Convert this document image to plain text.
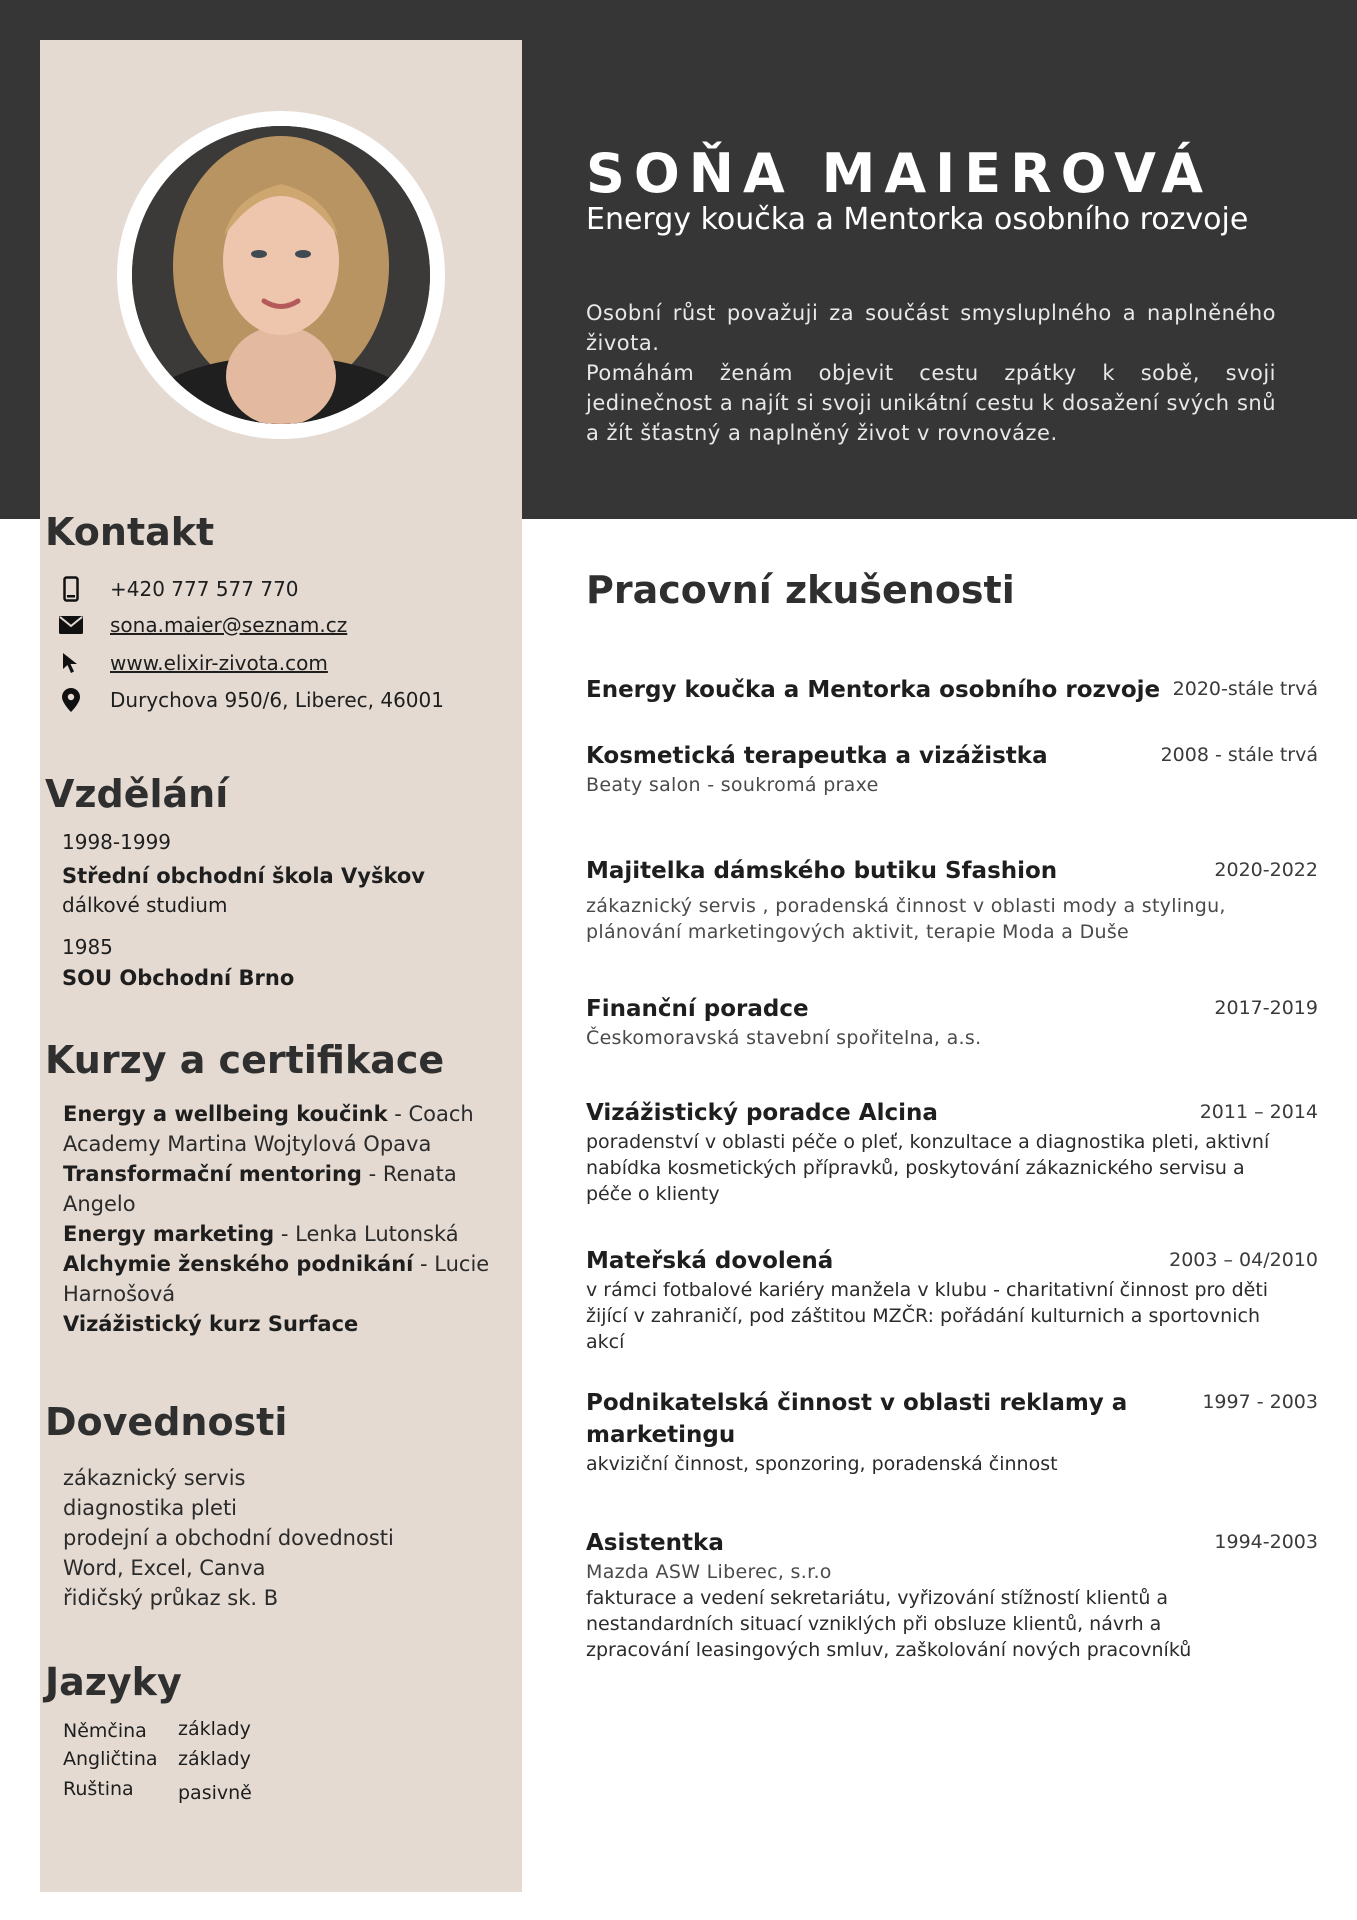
SOŇA MAIEROVÁ
Energy koučka a Mentorka osobního rozvoje

Osobní růst považuji za součást smysluplného a naplněného života.

Pomáhám ženám objevit cestu zpátky k sobě, svoji jedinečnost a najít si svoji unikátní cestu k dosažení svých snů a žít šťastný a naplněný život v rovnováze.

Kontakt
+420 777 577 770
sona.maier@seznam.cz
www.elixir-zivota.com
Durychova 950/6, Liberec, 46001
Vzdělání
1998-1999
Střední obchodní škola Vyškov
dálkové studium
1985
SOU Obchodní Brno
Kurzy a certifikace
Energy a wellbeing koučink - Coach Academy Martina Wojtylová Opava
Transformační mentoring - Renata Angelo
Energy marketing - Lenka Lutonská
Alchymie ženského podnikání - Lucie Harnošová
Vizážistický kurz Surface
Dovednosti
zákaznický servis
diagnostika pleti
prodejní a obchodní dovednosti
Word, Excel, Canva
řidičský průkaz sk. B
Jazyky
Němčina základy
Angličtina základy
Ruština pasivně
Pracovní zkušenosti
Energy koučka a Mentorka osobního rozvoje 2020-stále trvá
Kosmetická terapeutka a vizážistka	2008 - stále trvá
Beaty salon - soukromá praxe
Majitelka dámského butiku Sfashion	2020-2022
zákaznický servis , poradenská činnost v oblasti mody a stylingu, plánování marketingových aktivit, terapie Moda a Duše
Finanční poradce	2017-2019
Českomoravská stavební spořitelna, a.s.
Vizážistický poradce Alcina	2011 – 2014
poradenství v oblasti péče o pleť, konzultace a diagnostika pleti, aktivní nabídka kosmetických přípravků, poskytování zákaznického servisu a péče o klienty
Mateřská dovolená	2003 – 04/2010
v rámci fotbalové kariéry manžela v klubu - charitativní činnost pro děti žijící v zahraničí, pod záštitou MZČR: pořádání kulturnich a sportovnich akcí
Podnikatelská činnost v oblasti reklamy a marketingu
1997 - 2003
akviziční činnost, sponzoring, poradenská činnost
Asistentka	1994-2003
Mazda ASW Liberec, s.r.o
fakturace a vedení sekretariátu, vyřizování stížností klientů a nestandardních situací vzniklých při obsluze klientů, návrh a zpracování leasingových smluv, zaškolování nových pracovníků
